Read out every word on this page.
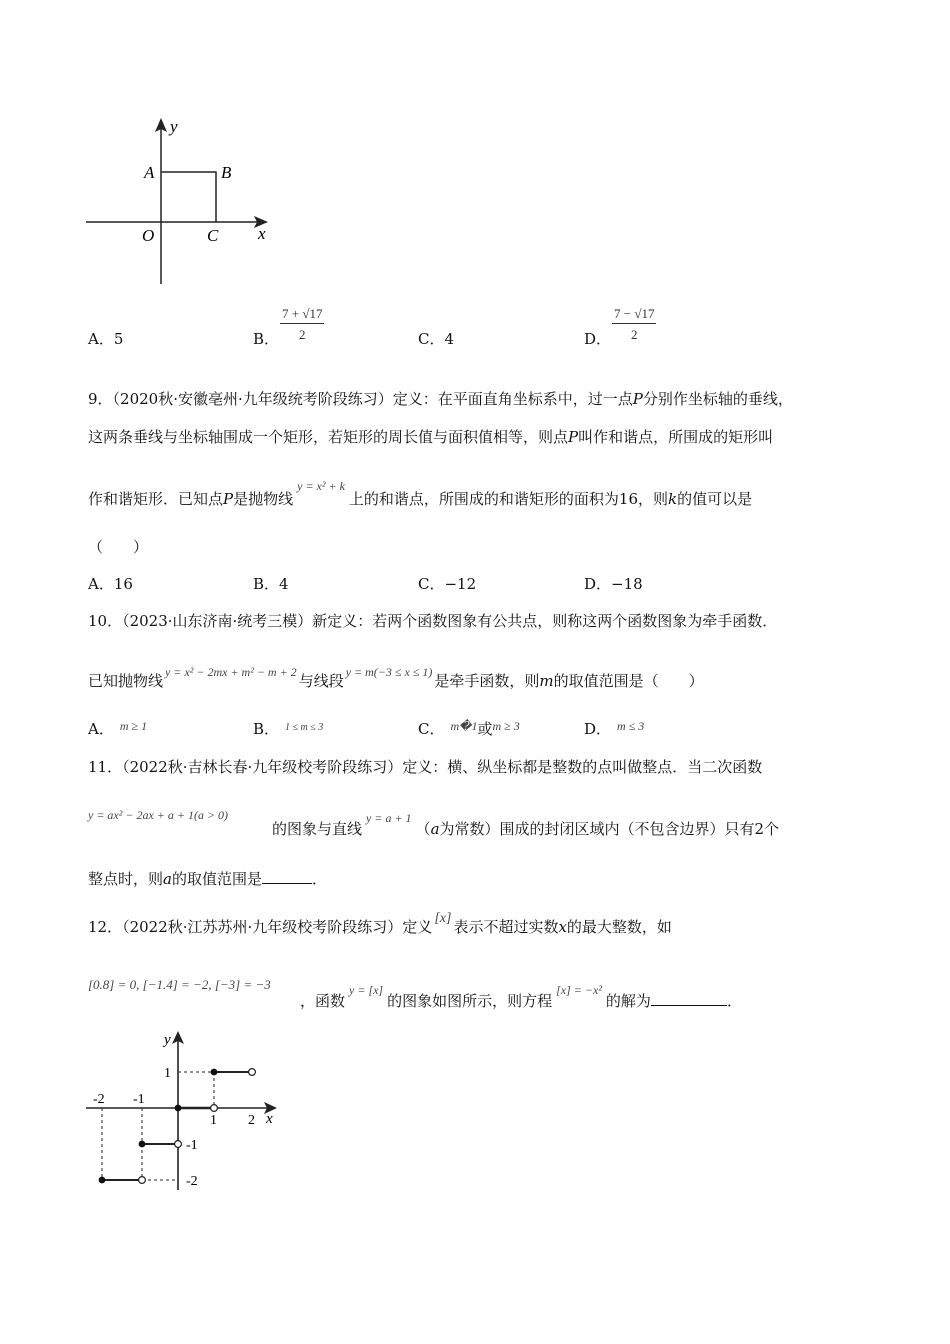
y
A	B
O	C x
A．5	B． $\frac{7 + √17}{2}$	C．4	D． $\frac{7 - √17}{2}$
9．（2020秋·安徽亳州·九年级统考阶段练习）定义：在平面直角坐标系中，过一点P分别作坐标轴的垂线，
这两条垂线与坐标轴围成一个矩形，若矩形的周长值与面积值相等，则点P叫作和谐点，所围成的矩形叫
作和谐矩形．已知点P是抛物线$^{y = x^2 + k}$上的和谐点，所围成的和谐矩形的面积为16，则k的值可以是
（　　）
A．16	B．4	C．−12	D．−18
10．（2023·山东济南·统考三模）新定义：若两个函数图象有公共点，则称这两个函数图象为牵手函数．
已知抛物线 $^{y = x^2 - 2mx + m^2 - m + 2}$ 与线段 $^{y = m(-3 \le x \le 1)}$ 是牵手函数，则m的取值范围是（　　）
A． $^{m \ge 1}$	B． $^{1 \le m \le 3}$	C． $^{m�1}$或$^{m \ge 3}$	D． $^{m \le 3}$
11．（2022秋·吉林长春·九年级校考阶段练习）定义：横、纵坐标都是整数的点叫做整点．当二次函数
y = ax² − 2ax + a + 1(a > 0)
的图象与直线$^{y = a + 1}$（a为常数）围成的封闭区域内（不包含边界）只有2个
整点时，则a的取值范围是	．
12．（2022秋·江苏苏州·九年级校考阶段练习）定义 [x] 表示不超过实数x的最大整数，如
[0.8] = 0, [−1.4] = −2, [−3] = −3
，函数$^{y = [x]}$的图象如图所示，则方程$^{[x] = -x^2}$的解为	．
y
x
1
-1
-2
-2 -1
1 2
